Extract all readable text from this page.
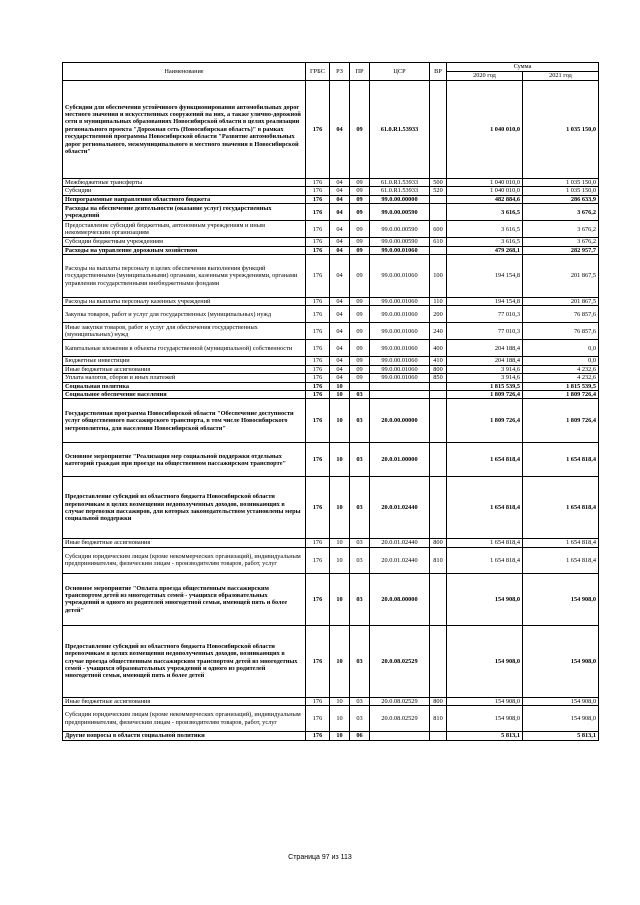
Наименование	ГРБС	РЗ	ПР	ЦСР	ВР	Сумма	
						2020 год	2021 год
Субсидии для обеспечения устойчивого функционирования автомобильных дорог местного значения и искусственных сооружений на них, а также улично-дорожной сети в муниципальных образованиях Новосибирской области в целях реализации регионального проекта "Дорожная сеть (Новосибирская область)" в рамках государственной программы Новосибирской области "Развитие автомобильных дорог регионального, межмуниципального и местного значения в Новосибирской области"	176	04	09	61.0.R1.53933		1 040 010,0	1 035 150,0
Межбюджетные трансферты	176	04	09	61.0.R1.53933	500	1 040 010,0	1 035 150,0
Субсидии	176	04	09	61.0.R1.53933	520	1 040 010,0	1 035 150,0
Непрограммные направления областного бюджета	176	04	09	99.0.00.00000		482 884,6	286 633,9
Расходы на обеспечение деятельности (оказание услуг) государственных учреждений	176	04	09	99.0.00.00590		3 616,5	3 676,2
Предоставление субсидий бюджетным, автономным учреждениям и иным некоммерческим организациям	176	04	09	99.0.00.00590	600	3 616,5	3 676,2
Субсидии бюджетным учреждениям	176	04	09	99.0.00.00590	610	3 616,5	3 676,2
Расходы на управление дорожным хозяйством	176	04	09	99.0.00.01060		479 268,1	282 957,7
Расходы на выплаты персоналу в целях обеспечения выполнения функций государственными (муниципальными) органами, казенными учреждениями, органами управления государственными внебюджетными фондами	176	04	09	99.0.00.01060	100	194 154,8	201 867,5
Расходы на выплаты персоналу казенных учреждений	176	04	09	99.0.00.01060	110	194 154,8	201 867,5
Закупка товаров, работ и услуг для государственных (муниципальных) нужд	176	04	09	99.0.00.01060	200	77 010,3	76 857,6
Иные закупки товаров, работ и услуг для обеспечения государственных (муниципальных) нужд	176	04	09	99.0.00.01060	240	77 010,3	76 857,6
Капитальные вложения в объекты государственной (муниципальной) собственности	176	04	09	99.0.00.01060	400	204 188,4	0,0
Бюджетные инвестиции	176	04	09	99.0.00.01060	410	204 188,4	0,0
Иные бюджетные ассигнования	176	04	09	99.0.00.01060	800	3 914,6	4 232,6
Уплата налогов, сборов и иных платежей	176	04	09	99.0.00.01060	850	3 914,6	4 232,6
Социальная политика	176	10				1 815 539,5	1 815 539,5
Социальное обеспечение населения	176	10	03			1 809 726,4	1 809 726,4
Государственная программа Новосибирской области "Обеспечение доступности услуг общественного пассажирского транспорта, в том числе Новосибирского метрополитена, для населения Новосибирской области"	176	10	03	20.0.00.00000		1 809 726,4	1 809 726,4
Основное мероприятие "Реализация мер социальной поддержки отдельных категорий граждан при проезде на общественном пассажирском транспорте"	176	10	03	20.0.01.00000		1 654 818,4	1 654 818,4
Предоставление субсидий из областного бюджета Новосибирской области перевозчикам в целях возмещения недополученных доходов, возникающих в случае перевозки пассажиров, для которых законодательством установлены меры социальной поддержки	176	10	03	20.0.01.02440		1 654 818,4	1 654 818,4
Иные бюджетные ассигнования	176	10	03	20.0.01.02440	800	1 654 818,4	1 654 818,4
Субсидии юридическим лицам (кроме некоммерческих организаций), индивидуальным предпринимателям, физическим лицам - производителям товаров, работ, услуг	176	10	03	20.0.01.02440	810	1 654 818,4	1 654 818,4
Основное мероприятие "Оплата проезда общественным пассажирским транспортом детей из многодетных семей - учащихся образовательных учреждений и одного из родителей многодетной семьи, имеющей пять и более детей"	176	10	03	20.0.08.00000		154 908,0	154 908,0
Предоставление субсидий из областного бюджета Новосибирской области перевозчикам в целях возмещения недополученных доходов, возникающих в случае проезда общественным пассажирским транспортом детей из многодетных семей - учащихся образовательных учреждений и одного из родителей многодетной семьи, имеющей пять и более детей	176	10	03	20.0.08.02529		154 908,0	154 908,0
Иные бюджетные ассигнования	176	10	03	20.0.08.02529	800	154 908,0	154 908,0
Субсидии юридическим лицам (кроме некоммерческих организаций), индивидуальным предпринимателям, физическим лицам - производителям товаров, работ, услуг	176	10	03	20.0.08.02529	810	154 908,0	154 908,0
Другие вопросы в области социальной политики	176	10	06			5 813,1	5 813,1
Страница 97 из 113
